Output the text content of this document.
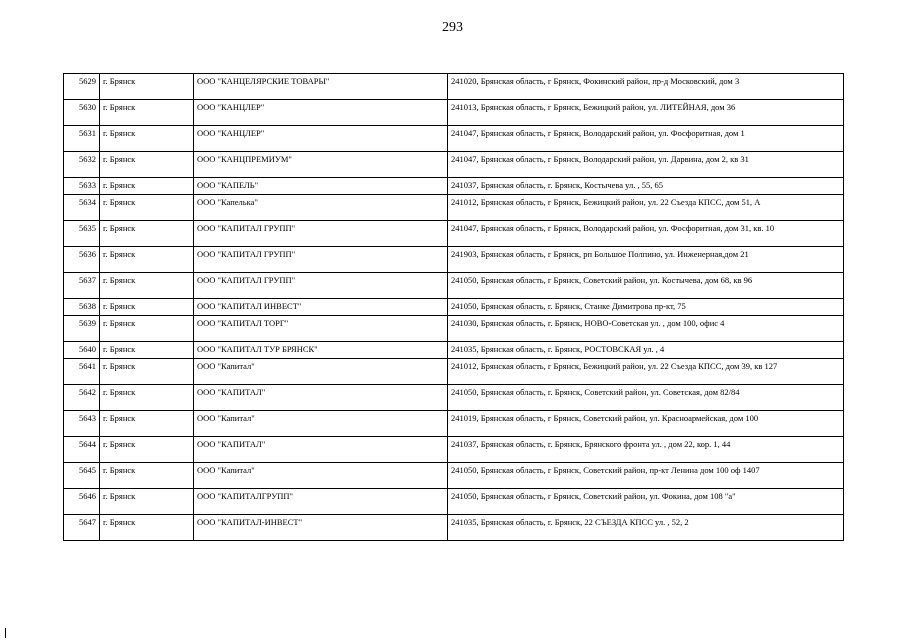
293
5629	г. Брянск	ООО "КАНЦЕЛЯРСКИЕ ТОВАРЫ"	241020, Брянская область, г Брянск, Фокинский район, пр-д Московский, дом 3
5630	г. Брянск	ООО "КАНЦЛЕР"	241013, Брянская область, г Брянск, Бежицкий район, ул. ЛИТЕЙНАЯ, дом 36
5631	г. Брянск	ООО "КАНЦЛЕР"	241047, Брянская область, г Брянск, Володарский район, ул. Фосфоритная, дом 1
5632	г. Брянск	ООО "КАНЦПРЕМИУМ"	241047, Брянская область, г Брянск, Володарский район, ул. Дарвина, дом 2, кв 31
5633	г. Брянск	ООО "КАПЕЛЬ"	241037, Брянская область, г. Брянск, Костычева ул. , 55, 65
5634	г. Брянск	ООО "Капелька"	241012, Брянская область, г Брянск, Бежицкий район, ул. 22 Съезда КПСС, дом 51, А
5635	г. Брянск	ООО "КАПИТАЛ ГРУПП"	241047, Брянская область, г Брянск, Володарский район, ул. Фосфоритная, дом 31, кв. 10
5636	г. Брянск	ООО "КАПИТАЛ ГРУПП"	241903, Брянская область, г Брянск, рп Большое Полпино, ул. Инженерная,дом 21
5637	г. Брянск	ООО "КАПИТАЛ ГРУПП"	241050, Брянская область, г Брянск, Советский район, ул. Костычева, дом 68, кв 96
5638	г. Брянск	ООО "КАПИТАЛ ИНВЕСТ"	241050, Брянская область, г. Брянск, Станке Димитрова пр-кт, 75
5639	г. Брянск	ООО "КАПИТАЛ ТОРГ"	241030, Брянская область, г. Брянск, НОВО-Советская ул. , дом 100, офис 4
5640	г. Брянск	ООО "КАПИТАЛ ТУР БРЯНСК"	241035, Брянская область, г. Брянск, РОСТОВСКАЯ ул. , 4
5641	г. Брянск	ООО "Капитал"	241012, Брянская область, г Брянск, Бежицкий район, ул. 22 Съезда КПСС, дом 39, кв 127
5642	г. Брянск	ООО "КАПИТАЛ"	241050, Брянская область, г. Брянск, Советский район, ул. Советская, дом 82/84
5643	г. Брянск	ООО "Капитал"	241019, Брянская область, г Брянск, Советский район, ул. Красноармейская, дом 100
5644	г. Брянск	ООО "КАПИТАЛ"	241037, Брянская область, г. Брянск, Брянского фронта ул. , дом 22, кор. 1, 44
5645	г. Брянск	ООО "Капитал"	241050, Брянская область, г Брянск, Советский район, пр-кт Ленина дом 100 оф 1407
5646	г. Брянск	ООО "КАПИТАЛГРУПП"	241050, Брянская область, г Брянск, Советский район, ул. Фокина, дом 108 "а"
5647	г. Брянск	ООО "КАПИТАЛ-ИНВЕСТ"	241035, Брянская область, г. Брянск, 22 СЪЕЗДА КПСС ул. , 52, 2
